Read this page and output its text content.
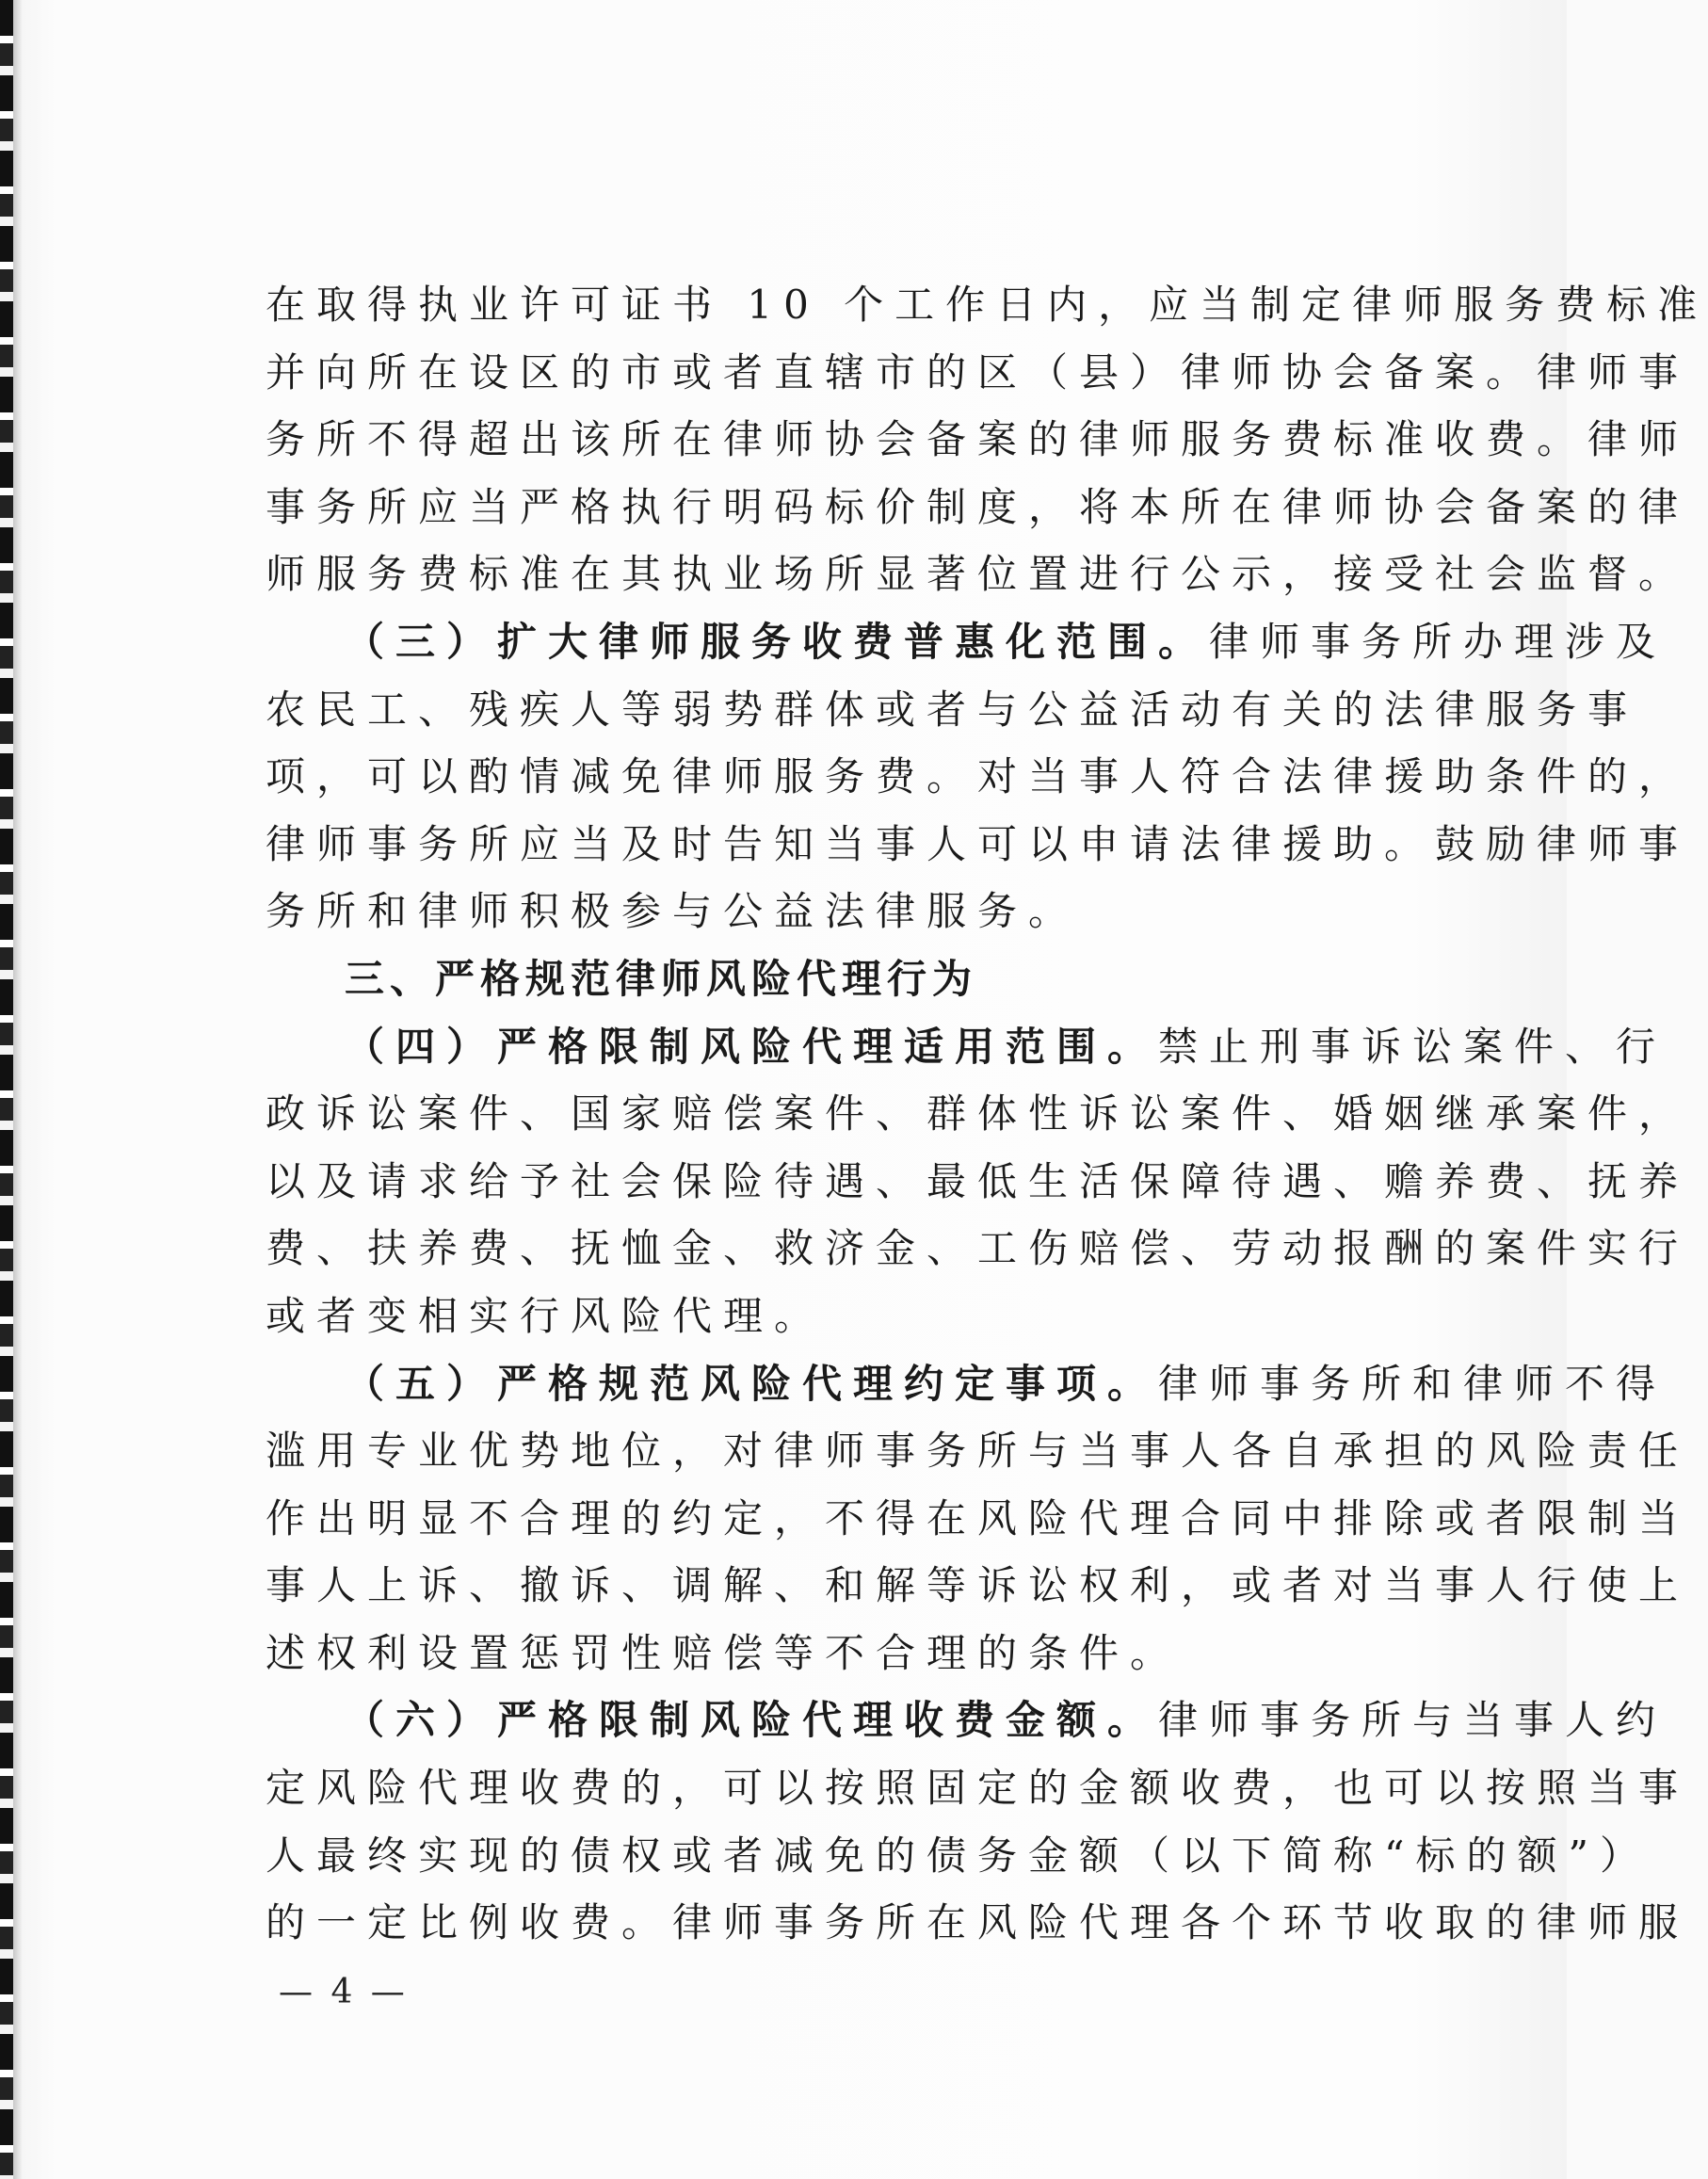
在取得执业许可证书 10 个工作日内，应当制定律师服务费标准
并向所在设区的市或者直辖市的区（县）律师协会备案。律师事
务所不得超出该所在律师协会备案的律师服务费标准收费。律师
事务所应当严格执行明码标价制度，将本所在律师协会备案的律
师服务费标准在其执业场所显著位置进行公示，接受社会监督。
（三）扩大律师服务收费普惠化范围。律师事务所办理涉及
农民工、残疾人等弱势群体或者与公益活动有关的法律服务事
项，可以酌情减免律师服务费。对当事人符合法律援助条件的，
律师事务所应当及时告知当事人可以申请法律援助。鼓励律师事
务所和律师积极参与公益法律服务。
三、严格规范律师风险代理行为
（四）严格限制风险代理适用范围。禁止刑事诉讼案件、行
政诉讼案件、国家赔偿案件、群体性诉讼案件、婚姻继承案件，
以及请求给予社会保险待遇、最低生活保障待遇、赡养费、抚养
费、扶养费、抚恤金、救济金、工伤赔偿、劳动报酬的案件实行
或者变相实行风险代理。
（五）严格规范风险代理约定事项。律师事务所和律师不得
滥用专业优势地位，对律师事务所与当事人各自承担的风险责任
作出明显不合理的约定，不得在风险代理合同中排除或者限制当
事人上诉、撤诉、调解、和解等诉讼权利，或者对当事人行使上
述权利设置惩罚性赔偿等不合理的条件。
（六）严格限制风险代理收费金额。律师事务所与当事人约
定风险代理收费的，可以按照固定的金额收费，也可以按照当事
人最终实现的债权或者减免的债务金额（以下简称“标的额”）
的一定比例收费。律师事务所在风险代理各个环节收取的律师服
— 4 —
